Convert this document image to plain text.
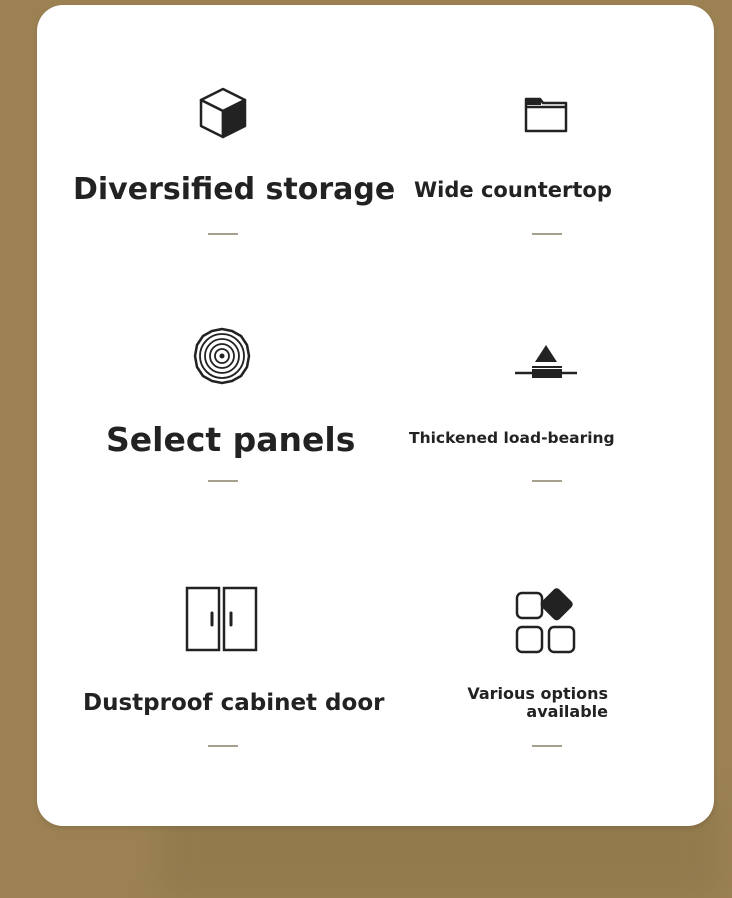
Diversified storage Wide countertop

Select panels	Thickened load-bearing

Dustproof cabinet door	Various options

available
